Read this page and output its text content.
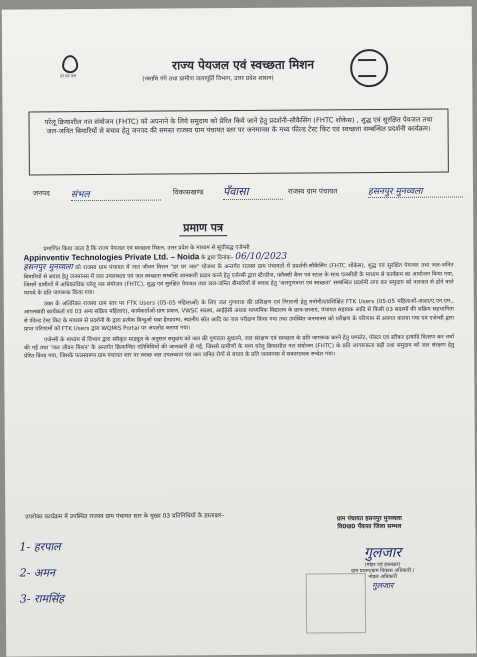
हर घर जल
राज्य पेयजल एवं स्वच्छता मिशन
(नमामि गंगे तथा ग्रामीण जलापूर्ति विभाग, उत्तर प्रदेश शासन)

परेलू क्रियाशील नल संयोजन (FHTC) को अपनाने के लिये समुदाय को प्रेरित किये जाने हेतु प्रदर्शनी-सौकैसिंग (FHTC शोकेस) , शुद्ध एवं सुरक्षित पेयजल तथा जल-जनित बिमारियों से बचाव हेतु जनपद की समस्त राजस्व ग्राम पंचायत स्तर पर जनमानस के मध्य फील्ड टेस्ट किट एवं स्वच्छता सम्बन्धित प्रदर्शनी कार्यक्रम।

जनपद संभल	विकासखण्ड पँवासा	राजस्व ग्राम पंचायत	हसनपुर मुनव्वला
प्रमाण पत्र

प्रमाणित किया जाता है कि राज्य पेयजल एवं स्वच्छता मिशन, उत्तर प्रदेश के माध्यम से सूचीबद्ध एजेन्सी

Appinventiv Technologies Private Ltd. – Noida के द्वारा दिनांक– 06/10/2023

हसनपुर मुनव्वला को राजस्व ग्राम पंचायत में जल जीवन मिशन "हर घर जल" योजना के अन्तर्गत राजस्व ग्राम पंचायतों में प्रदर्शनी-सौकैसिंग (FHTC शोकेस), शुद्ध एवं सुरक्षित पेयजल तथा जल-जनित बिमारियों से बचाव हेतु जनमानस में जल उपलब्धता एवं जल स्वच्छता सम्बन्धि जानकारी प्रदान करने हेतु एजेन्सी द्वारा स्टैन्डीज, फ्लैक्सी बैनर एवं स्टाल के साथ एलसीडी के माध्यम से कार्यक्रम का आयोजन किया गया, जिसमें ग्रामीणों में अधिकाधिक घरेलू नल संयोजन (FHTC), शुद्ध एवं सुरक्षित पेयजल तथा जल-जनित बीमारियों से बचाव हेतु 'जलगुणवत्ता एवं स्वच्छता' सम्बन्धित प्रदर्शनी लगा कर समुदाय को नलजल से होने वाले फायदे के प्रति जागरूक किया गया।

उक्त के अतिरिक्त राजस्व ग्राम स्तर पर FTK Users (05-05 महिलाओं) के लिए जल गुणवत्ता की प्रशिक्षण एवं निगरानी हेतु मनोनीत/प्रशिक्षित FTK Users (05-05 महिलाओं-आशा/ए.एन.एम., आंगनबाडी कार्यकर्ता एवं 03 अन्य सक्रिय महिलाएं), कार्यकर्ताओं-ग्राम प्रधान, VWSC सदस्य, आईईसी अथवा माध्यमिक विद्यालय के छात्र-छात्राएं, पंचायत सहायक आदि से किसी 03 सदस्यों की सक्रिय सहभागिता से फील्ड टेस्ट किट के माध्यम से प्रदर्शनी के द्वारा प्रत्येक बिन्दुओं यथा हैण्डपम्प, स्थानीय स्रोत आदि का जल परीक्षण किया गया तथा उपस्थित जनमानस को परीक्षण के परिणाम से अवगत कराया गया एवं एजेन्सी द्वारा प्राप्त परिणामों को FTK Users द्वारा WQMIS Portal पर अपलोड कराया गया।

एजेन्सी के माध्यम से विभाग द्वारा स्वीकृत माड्यूल के अनुसार समुदाय को जल की गुणवत्ता सुधारने, जल संरक्षण एवं स्वच्छता के प्रति जागरूक करने हेतु पम्पलेट, पोस्टर एवं स्टीकर इत्यादि वितरण कर चर्चा की गई तथा 'जल जीवन मिशन' के अन्तर्गत क्रियान्वित गतिविधियों की जानकारी दी गई, जिससे ग्रामीणों के मध्य घरेलू क्रियाशील नल संयोजन (FHTC) के प्रति जागरूकता बढ़ी तथा समुदाय को जल संरक्षण हेतु प्रेरित किया गया, जिसके फलस्वरूप ग्राम पंचायत स्तर पर स्वच्छ जल उपलब्धता एवं जल जनित रोगों से बचाव के प्रति जनमानस में सकारात्मक सन्देश गया।

उपरोक्त कार्यक्रम में उपस्थित राजस्व ग्राम पंचायत स्तर के मुख्य 03 प्रतिनिधियों के हस्ताक्षर–
1- हरपाल
2- अमन
3- रामसिंह
ग्राम पंचायत हसनपुर मुनव्वला
वि0ख0 पँवासा जिला सम्भल
गुलजार
(मोहर एवं हस्ताक्षर)
ग्राम प्रधान/ग्राम विकास अधिकारी /
नोडल अधिकारी
गुलजार
